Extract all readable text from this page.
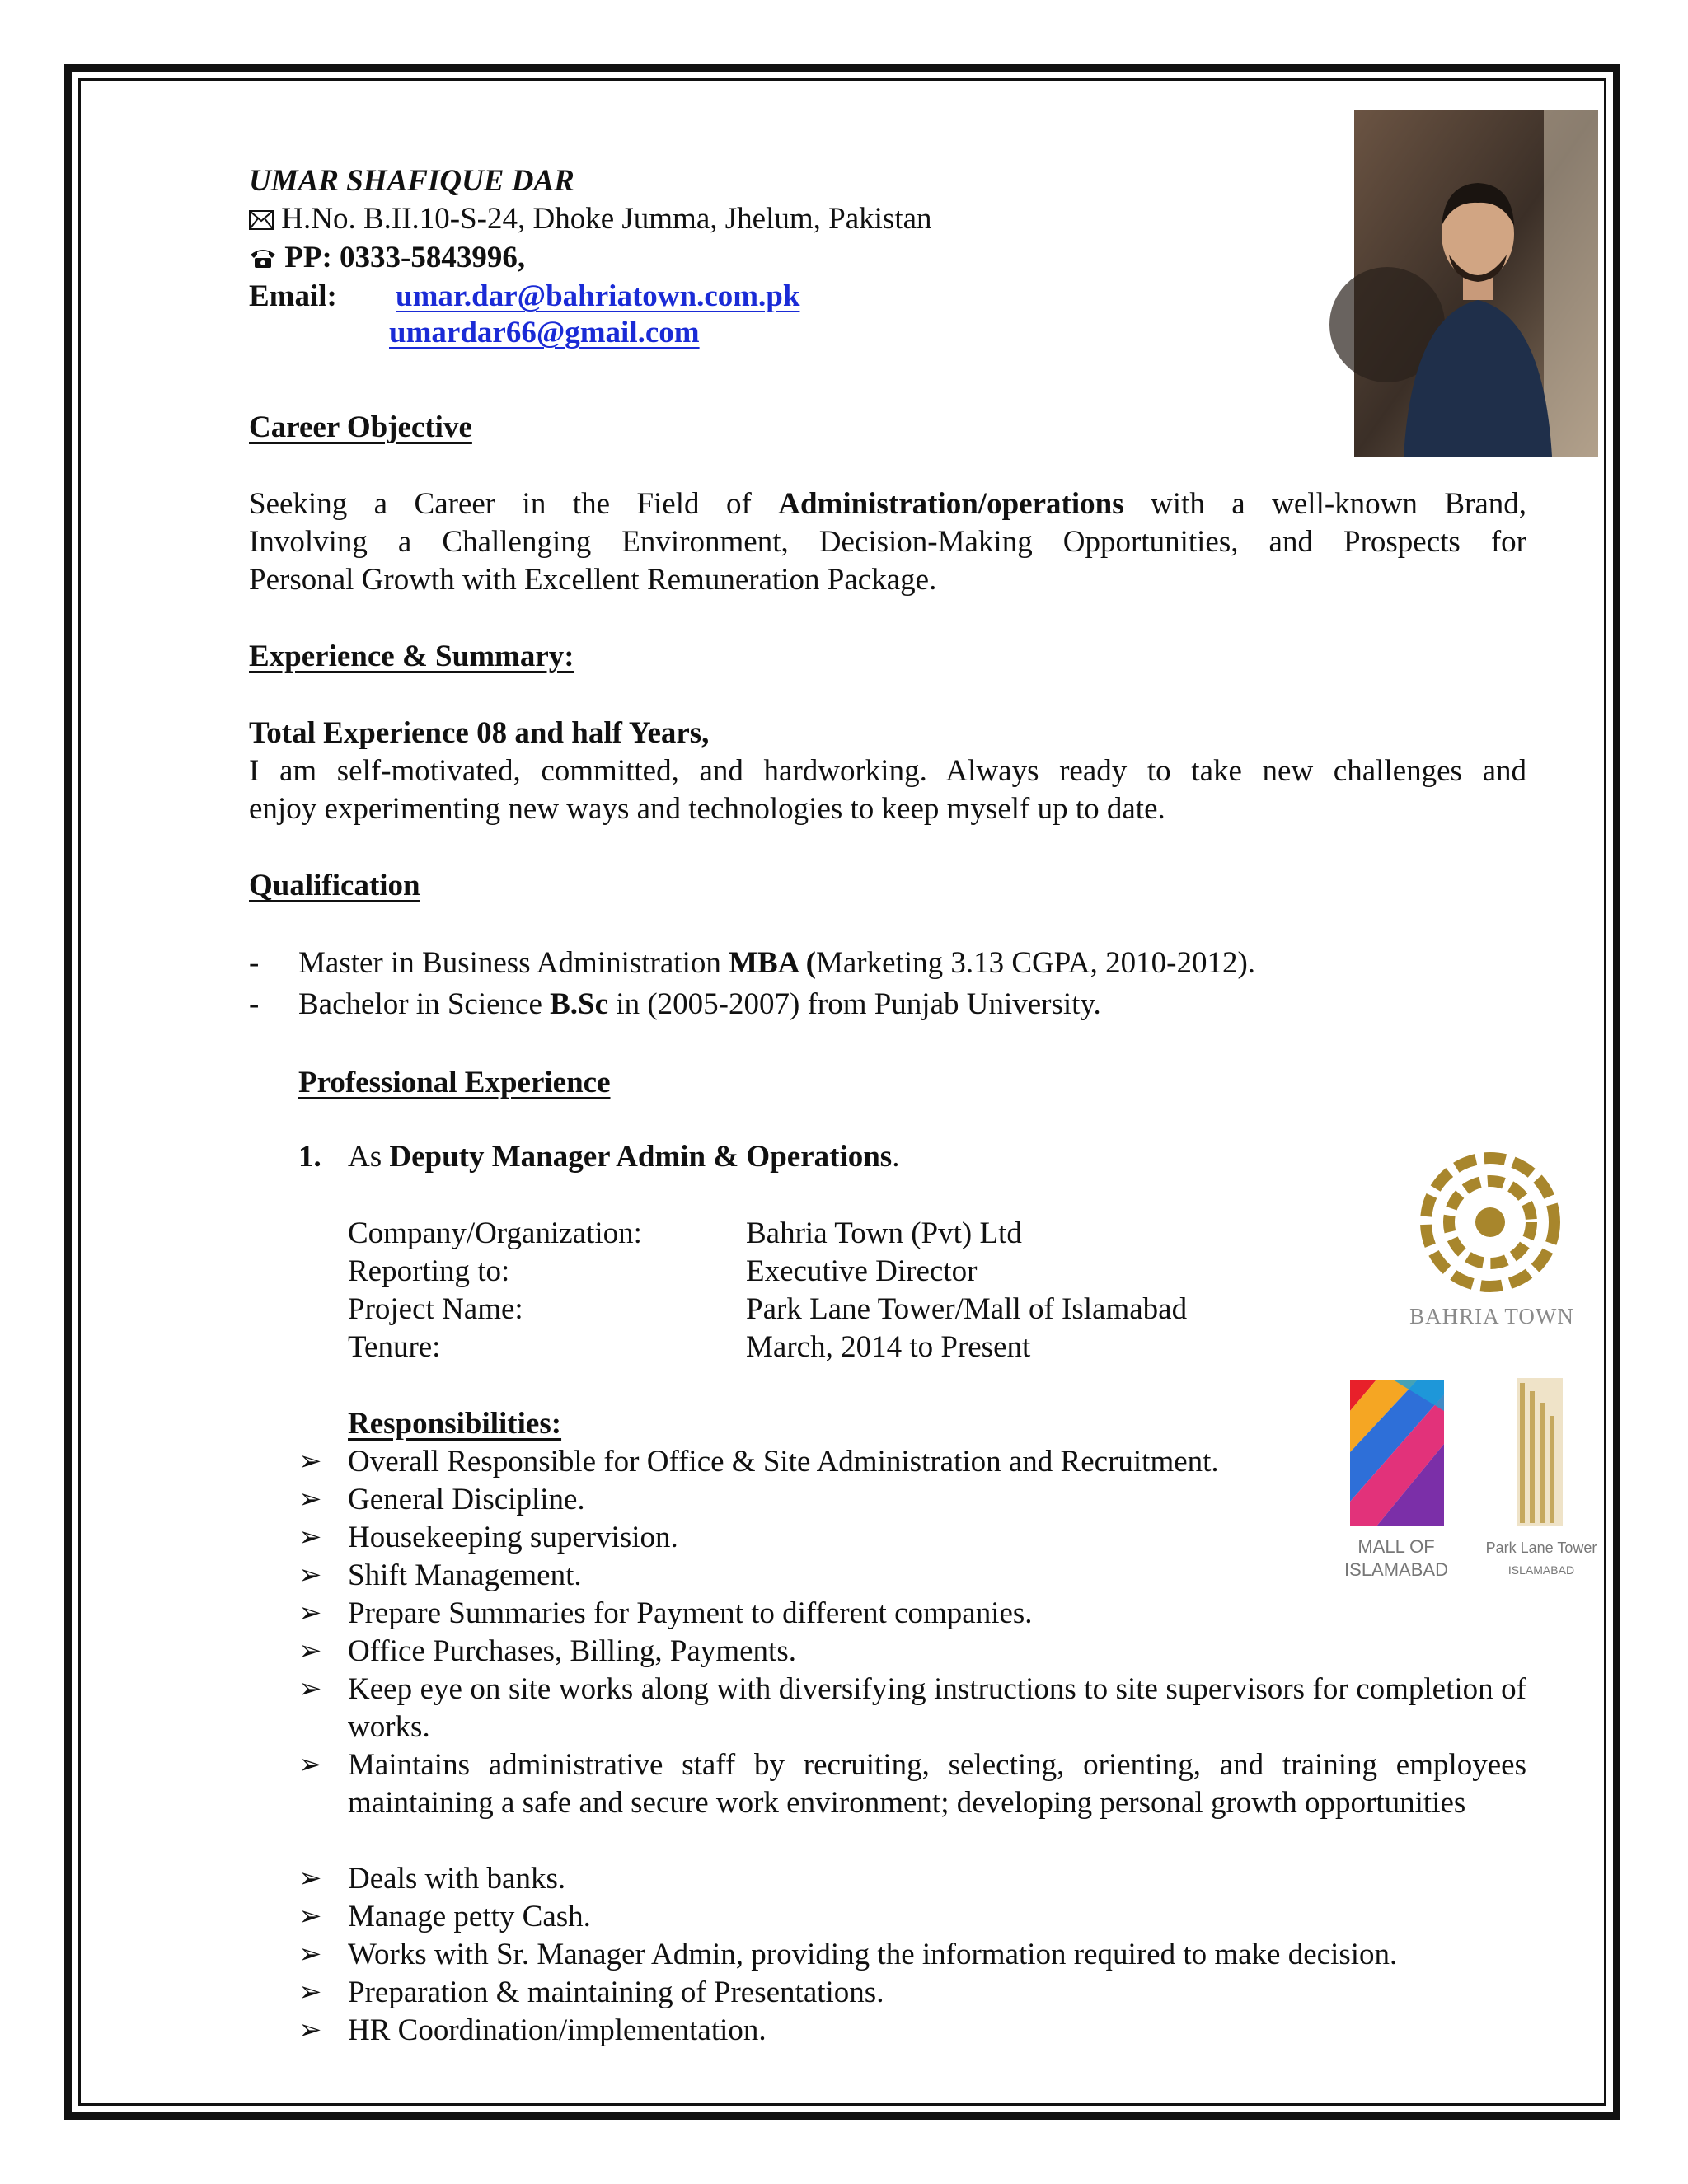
UMAR SHAFIQUE DAR
H.No. B.II.10-S-24, Dhoke Jumma, Jhelum, Pakistan
PP: 0333-5843996,
Email: umar.dar@bahriatown.com.pk
umardar66@gmail.com
Career Objective
Seeking a Career in the Field of Administration/operations with a well-known Brand,
Involving a Challenging Environment, Decision-Making Opportunities, and Prospects for
Personal Growth with Excellent Remuneration Package.
Experience & Summary:
Total Experience 08 and half Years,
I am self-motivated, committed, and hardworking. Always ready to take new challenges and
enjoy experimenting new ways and technologies to keep myself up to date.
Qualification
- Master in Business Administration MBA (Marketing 3.13 CGPA, 2010-2012).
- Bachelor in Science B.Sc in (2005-2007) from Punjab University.
Professional Experience
1. As Deputy Manager Admin & Operations.
Company/Organization:	Bahria Town (Pvt) Ltd
Reporting to:	Executive Director
Project Name:	Park Lane Tower/Mall of Islamabad
Tenure:	March, 2014 to Present
Responsibilities:
➢ Overall Responsible for Office & Site Administration and Recruitment.
➢ General Discipline.
➢ Housekeeping supervision.
➢ Shift Management.
➢ Prepare Summaries for Payment to different companies.
➢ Office Purchases, Billing, Payments.
➢ Keep eye on site works along with diversifying instructions to site supervisors for completion of works.
➢ Maintains administrative staff by recruiting, selecting, orienting, and training employees maintaining a safe and secure work environment; developing personal growth opportunities
➢ Deals with banks.
➢ Manage petty Cash.
➢ Works with Sr. Manager Admin, providing the information required to make decision.
➢ Preparation & maintaining of Presentations.
➢ HR Coordination/implementation.
BAHRIA TOWN
MALL OF
ISLAMABAD
Park Lane Tower
ISLAMABAD
